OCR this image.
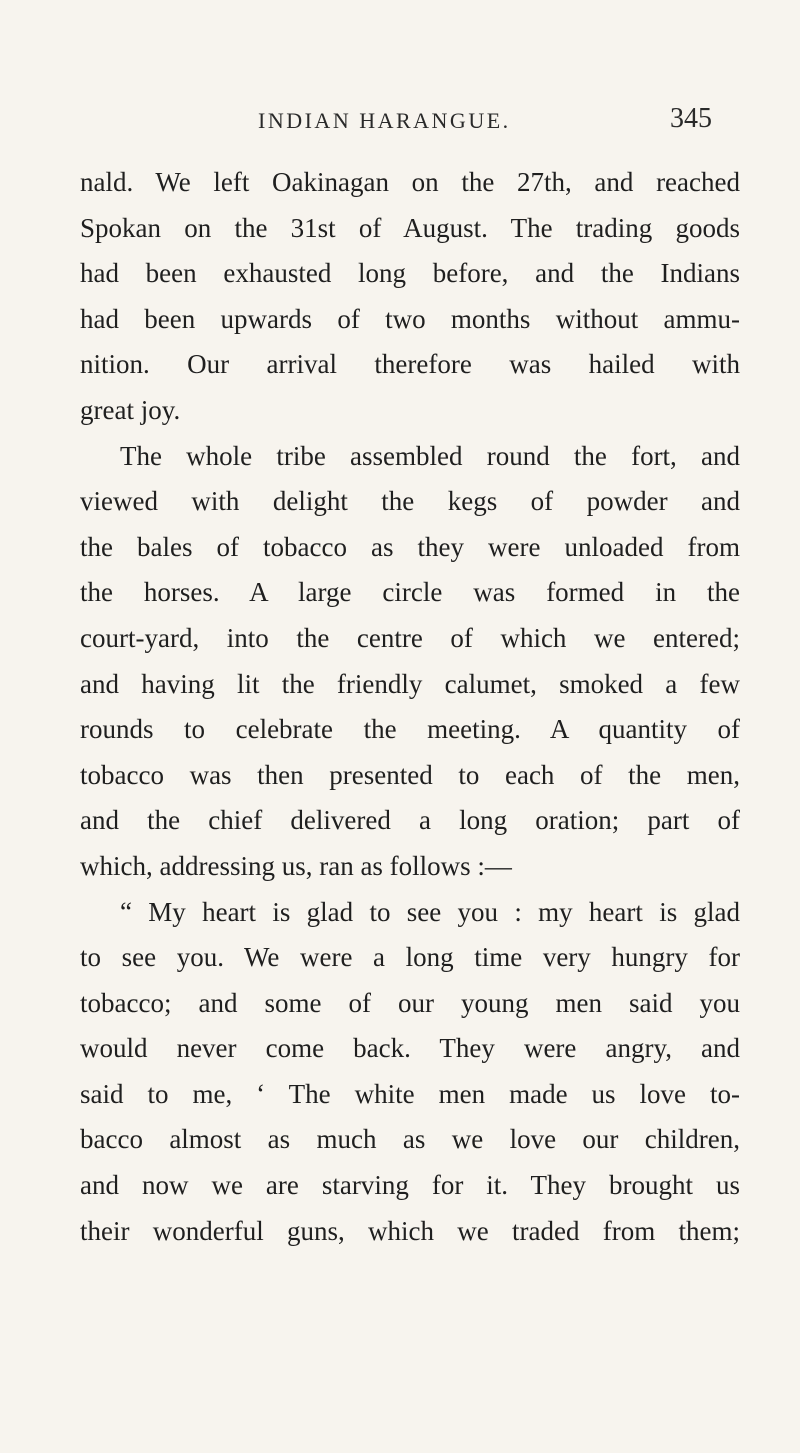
INDIAN HARANGUE.	345
nald. We left Oakinagan on the 27th, and reached
Spokan on the 31st of August. The trading goods
had been exhausted long before, and the Indians
had been upwards of two months without ammu-
nition. Our arrival therefore was hailed with
great joy.
The whole tribe assembled round the fort, and
viewed with delight the kegs of powder and
the bales of tobacco as they were unloaded from
the horses. A large circle was formed in the
court-yard, into the centre of which we entered;
and having lit the friendly calumet, smoked a few
rounds to celebrate the meeting. A quantity of
tobacco was then presented to each of the men,
and the chief delivered a long oration; part of
which, addressing us, ran as follows :—
“ My heart is glad to see you : my heart is glad
to see you. We were a long time very hungry for
tobacco; and some of our young men said you
would never come back. They were angry, and
said to me, ‘ The white men made us love to-
bacco almost as much as we love our children,
and now we are starving for it. They brought us
their wonderful guns, which we traded from them;
